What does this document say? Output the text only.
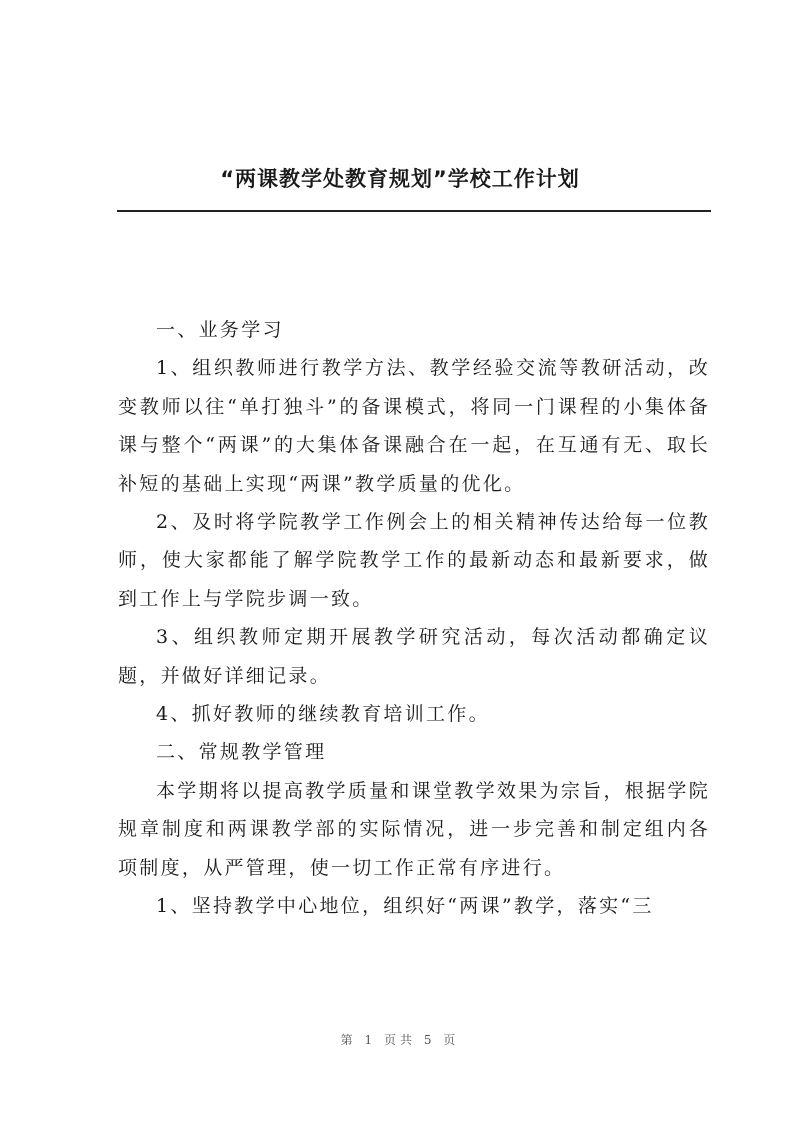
“两课教学处教育规划”学校工作计划

一、业务学习

1、组织教师进行教学方法、教学经验交流等教研活动，改变教师以往“单打独斗”的备课模式，将同一门课程的小集体备课与整个“两课”的大集体备课融合在一起，在互通有无、取长补短的基础上实现“两课”教学质量的优化。

2、及时将学院教学工作例会上的相关精神传达给每一位教师，使大家都能了解学院教学工作的最新动态和最新要求，做到工作上与学院步调一致。

3、组织教师定期开展教学研究活动，每次活动都确定议题，并做好详细记录。

4、抓好教师的继续教育培训工作。

二、常规教学管理

本学期将以提高教学质量和课堂教学效果为宗旨，根据学院规章制度和两课教学部的实际情况，进一步完善和制定组内各项制度，从严管理，使一切工作正常有序进行。

1、坚持教学中心地位，组织好“两课”教学，落实“三

第 1 页共 5 页
